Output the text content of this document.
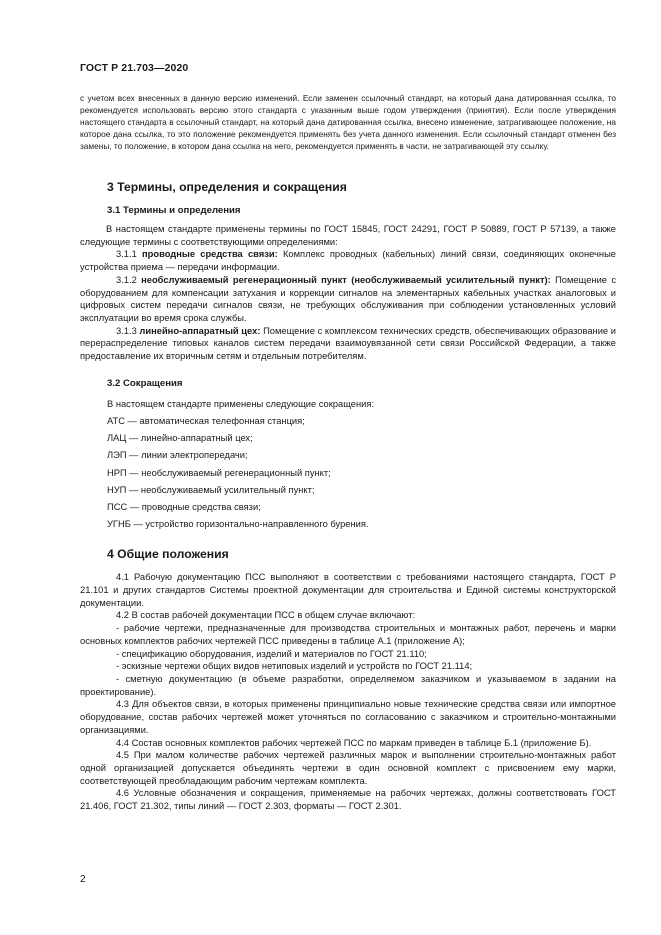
ГОСТ Р 21.703—2020

с учетом всех внесенных в данную версию изменений. Если заменен ссылочный стандарт, на который дана датированная ссылка, то рекомендуется использовать версию этого стандарта с указанным выше годом утверждения (принятия). Если после утверждения настоящего стандарта в ссылочный стандарт, на который дана датированная ссылка, внесено изменение, затрагивающее положение, на которое дана ссылка, то это положение рекомендуется применять без учета данного изменения. Если ссылочный стандарт отменен без замены, то положение, в котором дана ссылка на него, рекомендуется применять в части, не затрагивающей эту ссылку.

3 Термины, определения и сокращения
3.1 Термины и определения

В настоящем стандарте применены термины по ГОСТ 15845, ГОСТ 24291, ГОСТ Р 50889, ГОСТ Р 57139, а также следующие термины с соответствующими определениями:

3.1.1 проводные средства связи: Комплекс проводных (кабельных) линий связи, соединяющих оконечные устройства приема — передачи информации.

3.1.2 необслуживаемый регенерационный пункт (необслуживаемый усилительный пункт): Помещение с оборудованием для компенсации затухания и коррекции сигналов на элементарных кабельных участках аналоговых и цифровых систем передачи сигналов связи, не требующих обслуживания при соблюдении установленных условий эксплуатации во время срока службы.

3.1.3 линейно-аппаратный цех: Помещение с комплексом технических средств, обеспечивающих образование и перераспределение типовых каналов систем передачи взаимоувязанной сети связи Российской Федерации, а также предоставление их вторичным сетям и отдельным потребителям.

3.2 Сокращения

В настоящем стандарте применены следующие сокращения:

АТС — автоматическая телефонная станция;

ЛАЦ — линейно-аппаратный цех;

ЛЭП — линии электропередачи;

НРП — необслуживаемый регенерационный пункт;

НУП — необслуживаемый усилительный пункт;

ПСС — проводные средства связи;

УГНБ — устройство горизонтально-направленного бурения.

4 Общие положения

4.1 Рабочую документацию ПСС выполняют в соответствии с требованиями настоящего стандарта, ГОСТ Р 21.101 и других стандартов Системы проектной документации для строительства и Единой системы конструкторской документации.

4.2 В состав рабочей документации ПСС в общем случае включают:

- рабочие чертежи, предназначенные для производства строительных и монтажных работ, перечень и марки основных комплектов рабочих чертежей ПСС приведены в таблице А.1 (приложение А);

- спецификацию оборудования, изделий и материалов по ГОСТ 21.110;

- эскизные чертежи общих видов нетиповых изделий и устройств по ГОСТ 21.114;

- сметную документацию (в объеме разработки, определяемом заказчиком и указываемом в задании на проектирование).

4.3 Для объектов связи, в которых применены принципиально новые технические средства связи или импортное оборудование, состав рабочих чертежей может уточняться по согласованию с заказчиком и строительно-монтажными организациями.

4.4 Состав основных комплектов рабочих чертежей ПСС по маркам приведен в таблице Б.1 (приложение Б).

4.5 При малом количестве рабочих чертежей различных марок и выполнении строительно-монтажных работ одной организацией допускается объединять чертежи в один основной комплект с присвоением ему марки, соответствующей преобладающим рабочим чертежам комплекта.

4.6 Условные обозначения и сокращения, применяемые на рабочих чертежах, должны соответствовать ГОСТ 21.406, ГОСТ 21.302, типы линий — ГОСТ 2.303, форматы — ГОСТ 2.301.

2
